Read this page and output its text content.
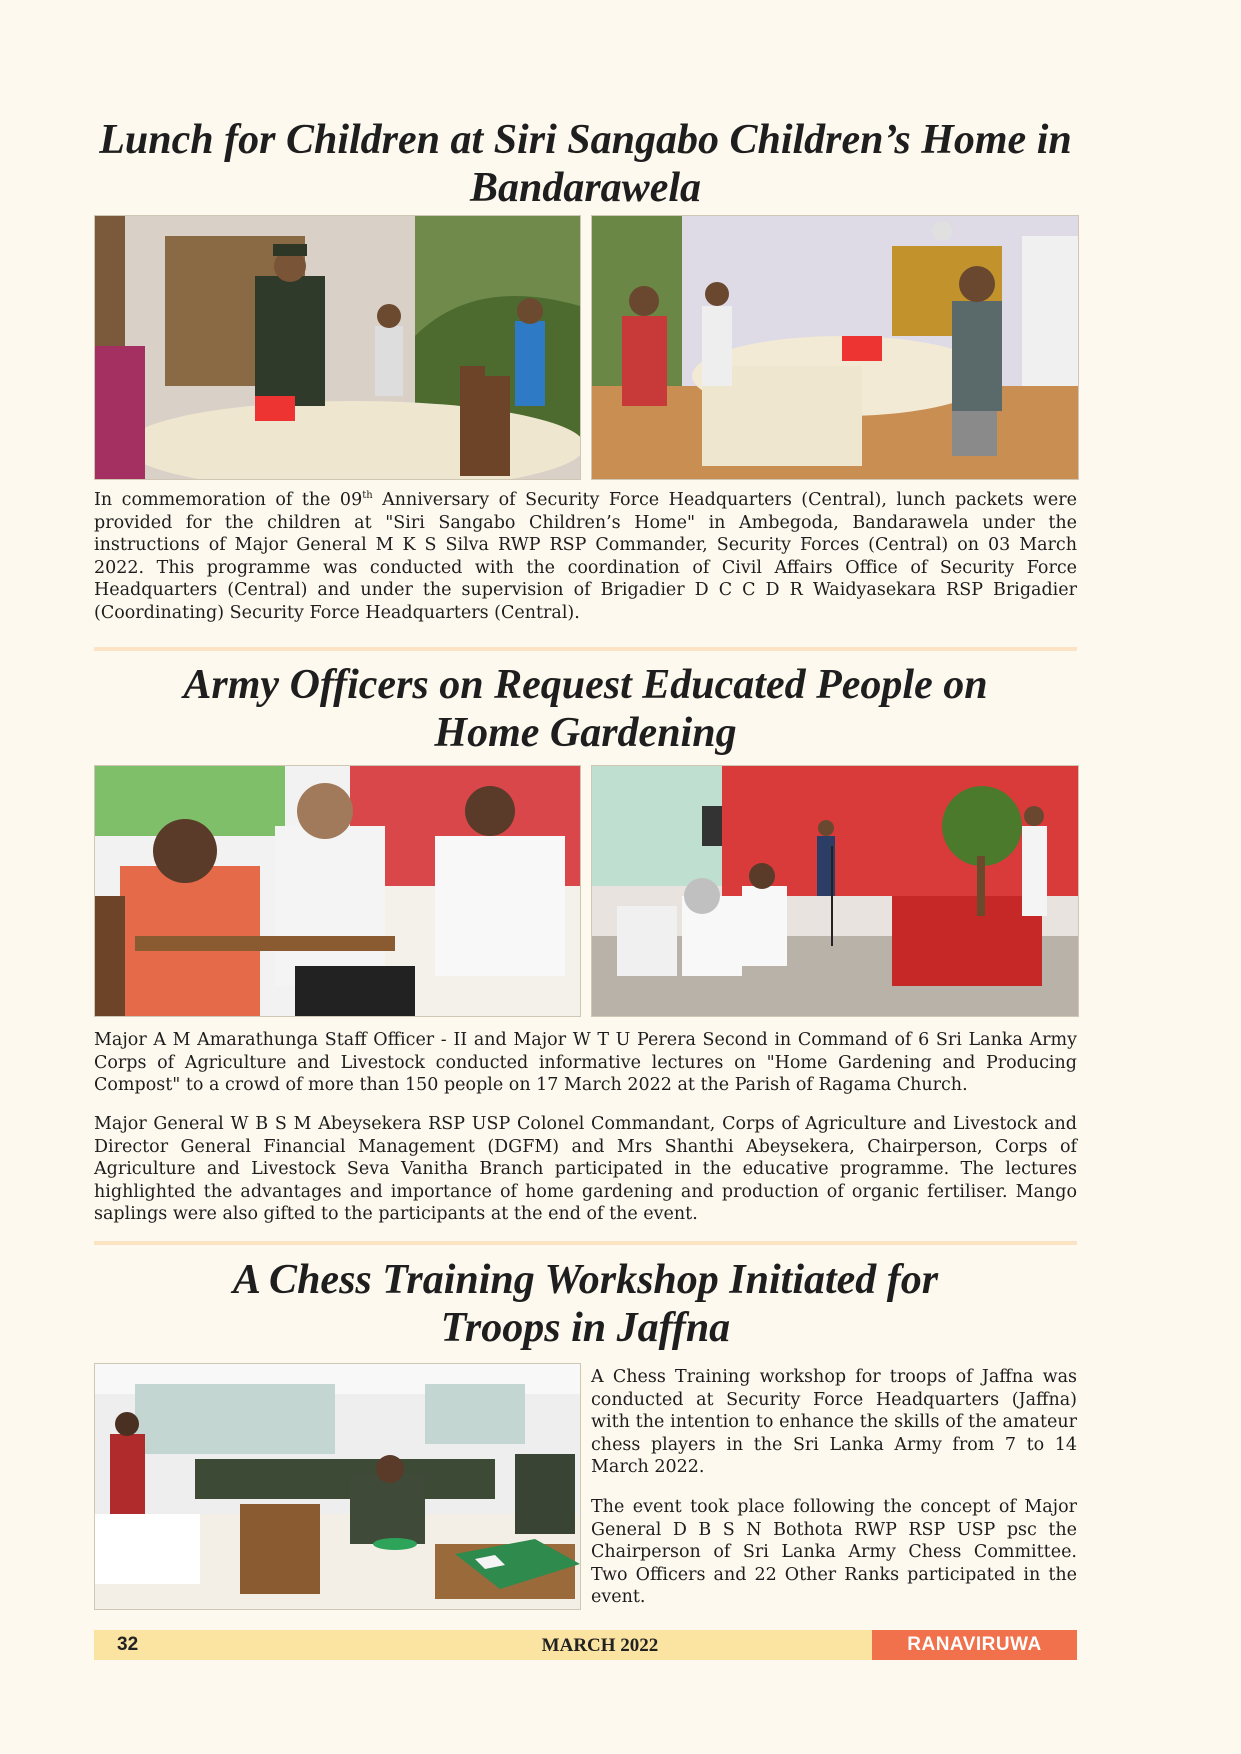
Lunch for Children at Siri Sangabo Children’s Home in
Bandarawela

In commemoration of the 09th Anniversary of Security Force Headquarters (Central), lunch packets were provided for the children at "Siri Sangabo Children’s Home" in Ambegoda, Bandarawela under the instructions of Major General M K S Silva RWP RSP Commander, Security Forces (Central) on 03 March 2022. This programme was conducted with the coordination of Civil Affairs Office of Security Force Headquarters (Central) and under the supervision of Brigadier D C C D R Waidyasekara RSP Brigadier (Coordinating) Security Force Headquarters (Central).

Army Officers on Request Educated People on
Home Gardening

Major A M Amarathunga Staff Officer - II and Major W T U Perera Second in Command of 6 Sri Lanka Army Corps of Agriculture and Livestock conducted informative lectures on "Home Gardening and Producing Compost" to a crowd of more than 150 people on 17 March 2022 at the Parish of Ragama Church.

Major General W B S M Abeysekera RSP USP Colonel Commandant, Corps of Agriculture and Livestock and Director General Financial Management (DGFM) and Mrs Shanthi Abeysekera, Chairperson, Corps of Agriculture and Livestock Seva Vanitha Branch participated in the educative programme. The lectures highlighted the advantages and importance of home gardening and production of organic fertiliser. Mango saplings were also gifted to the participants at the end of the event.

A Chess Training Workshop Initiated for
Troops in Jaffna

A Chess Training workshop for troops of Jaffna was conducted at Security Force Headquarters (Jaffna) with the intention to enhance the skills of the amateur chess players in the Sri Lanka Army from 7 to 14 March 2022.

The event took place following the concept of Major General D B S N Bothota RWP RSP USP psc the Chairperson of Sri Lanka Army Chess Committee. Two Officers and 22 Other Ranks participated in the event.

32	MARCH 2022	RANAVIRUWA
